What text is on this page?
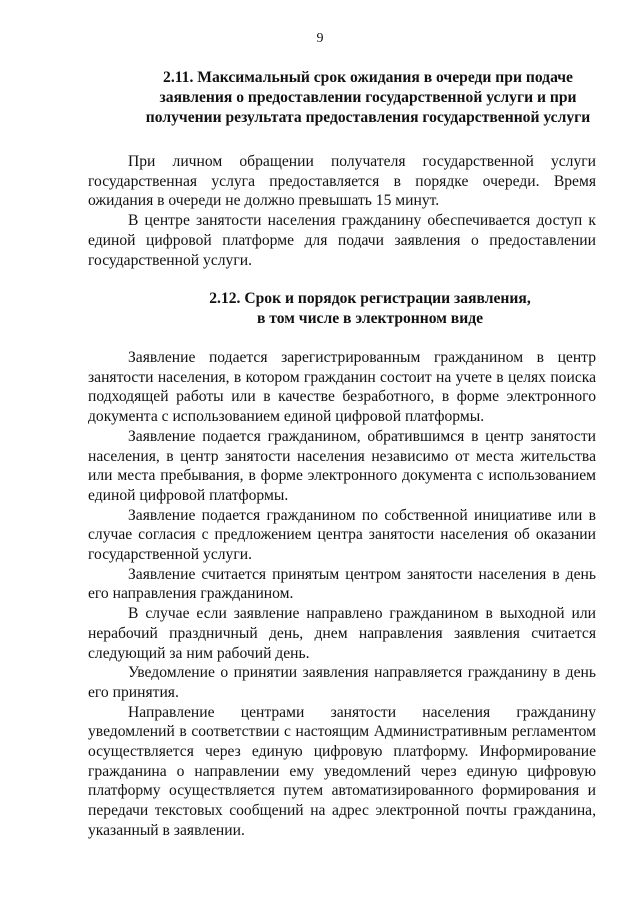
9
2.11. Максимальный срок ожидания в очереди при подаче
заявления о предоставлении государственной услуги и при
получении результата предоставления государственной услуги

При личном обращении получателя государственной услуги государственная услуга предоставляется в порядке очереди. Время ожидания в очереди не должно превышать 15 минут.

В центре занятости населения гражданину обеспечивается доступ к единой цифровой платформе для подачи заявления о предоставлении государственной услуги.

2.12. Срок и порядок регистрации заявления,
в том числе в электронном виде

Заявление подается зарегистрированным гражданином в центр занятости населения, в котором гражданин состоит на учете в целях поиска подходящей работы или в качестве безработного, в форме электронного документа с использованием единой цифровой платформы.

Заявление подается гражданином, обратившимся в центр занятости населения, в центр занятости населения независимо от места жительства или места пребывания, в форме электронного документа с использованием единой цифровой платформы.

Заявление подается гражданином по собственной инициативе или в случае согласия с предложением центра занятости населения об оказании государственной услуги.

Заявление считается принятым центром занятости населения в день его направления гражданином.

В случае если заявление направлено гражданином в выходной или нерабочий праздничный день, днем направления заявления считается следующий за ним рабочий день.

Уведомление о принятии заявления направляется гражданину в день его принятия.

Направление центрами занятости населения гражданину уведомлений в соответствии с настоящим Административным регламентом осуществляется через единую цифровую платформу. Информирование гражданина о направлении ему уведомлений через единую цифровую платформу осуществляется путем автоматизированного формирования и передачи текстовых сообщений на адрес электронной почты гражданина, указанный в заявлении.
